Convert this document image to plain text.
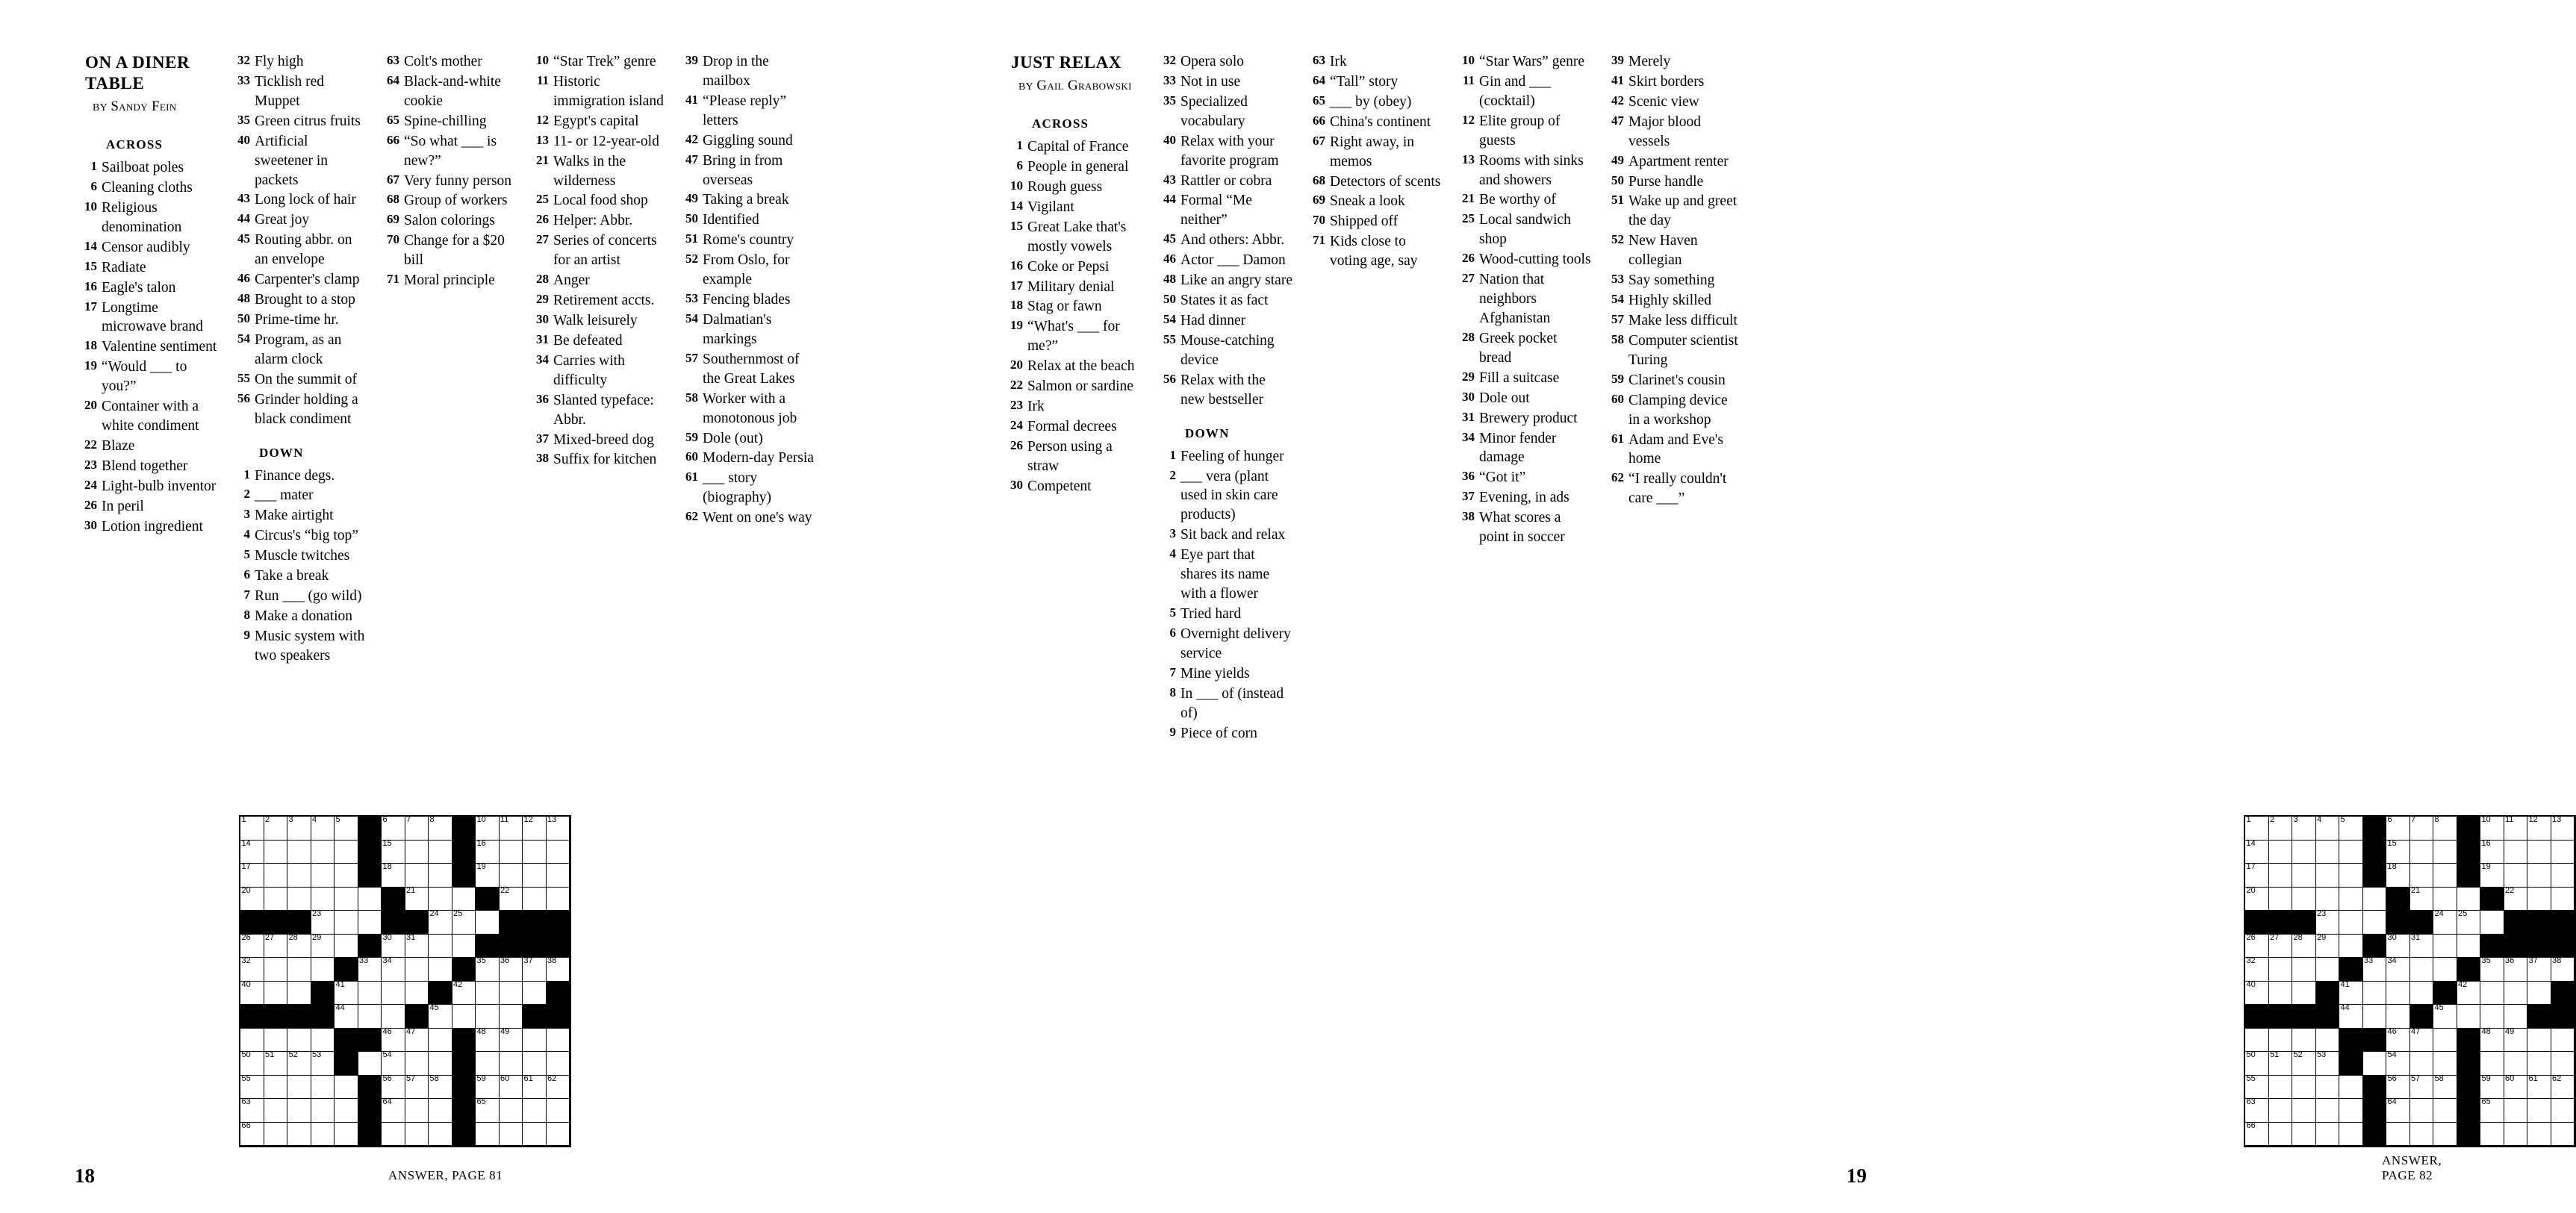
ON A DINER TABLE
BY Sandy Fein
ACROSS
1 Sailboat poles
6 Cleaning cloths
10 Religious denomination
14 Censor audibly
15 Radiate
16 Eagle's talon
17 Longtime microwave brand
18 Valentine sentiment
19 “Would ___ to you?”
20 Container with a white condiment
22 Blaze
23 Blend together
24 Light-bulb inventor
26 In peril
30 Lotion ingredient
32 Fly high
33 Ticklish red Muppet
35 Green citrus fruits
40 Artificial sweetener in packets
43 Long lock of hair
44 Great joy
45 Routing abbr. on an envelope
46 Carpenter's clamp
48 Brought to a stop
50 Prime-time hr.
54 Program, as an alarm clock
55 On the summit of
56 Grinder holding a black condiment
DOWN
1 Finance degs.
2 ___ mater
3 Make airtight
4 Circus's “big top”
5 Muscle twitches
6 Take a break
7 Run ___ (go wild)
8 Make a donation
9 Music system with two speakers
63 Colt's mother
64 Black-and-white cookie
65 Spine-chilling
66 “So what ___ is new?”
67 Very funny person
68 Group of workers
69 Salon colorings
70 Change for a $20 bill
71 Moral principle
10 “Star Trek” genre
11 Historic immigration island
12 Egypt's capital
13 11- or 12-year-old
21 Walks in the wilderness
25 Local food shop
26 Helper: Abbr.
27 Series of concerts for an artist
28 Anger
29 Retirement accts.
30 Walk leisurely
31 Be defeated
34 Carries with difficulty
36 Slanted typeface: Abbr.
37 Mixed-breed dog
38 Suffix for kitchen
39 Drop in the mailbox
41 “Please reply” letters
42 Giggling sound
47 Bring in from overseas
49 Taking a break
50 Identified
51 Rome's country
52 From Oslo, for example
53 Fencing blades
54 Dalmatian's markings
57 Southernmost of the Great Lakes
58 Worker with a monotonous job
59 Dole (out)
60 Modern-day Persia
61 ___ story (biography)
62 Went on one's way
1 2 3 4 5	6 7 8	10 11 12 13
14	15	16
17	18	19
20	21	22
23	24 25
26 27 28 29	30 31
32	33 34	35 36 37 38
40	41	42
44	45
46 47	48 49
50 51 52 53	54
55	56 57 58	59 60 61 62
63	64	65
66
18	ANSWER, PAGE 81
JUST RELAX
BY Gail Grabowski
ACROSS
1 Capital of France
6 People in general
10 Rough guess
14 Vigilant
15 Great Lake that's mostly vowels
16 Coke or Pepsi
17 Military denial
18 Stag or fawn
19 “What's ___ for me?”
20 Relax at the beach
22 Salmon or sardine
23 Irk
24 Formal decrees
26 Person using a straw
30 Competent
32 Opera solo
33 Not in use
35 Specialized vocabulary
40 Relax with your favorite program
43 Rattler or cobra
44 Formal “Me neither”
45 And others: Abbr.
46 Actor ___ Damon
48 Like an angry stare
50 States it as fact
54 Had dinner
55 Mouse-catching device
56 Relax with the new bestseller
DOWN
1 Feeling of hunger
2 ___ vera (plant used in skin care products)
3 Sit back and relax
4 Eye part that shares its name with a flower
5 Tried hard
6 Overnight delivery service
7 Mine yields
8 In ___ of (instead of)
9 Piece of corn
63 Irk
64 “Tall” story
65 ___ by (obey)
66 China's continent
67 Right away, in memos
68 Detectors of scents
69 Sneak a look
70 Shipped off
71 Kids close to voting age, say
10 “Star Wars” genre
11 Gin and ___ (cocktail)
12 Elite group of guests
13 Rooms with sinks and showers
21 Be worthy of
25 Local sandwich shop
26 Wood-cutting tools
27 Nation that neighbors Afghanistan
28 Greek pocket bread
29 Fill a suitcase
30 Dole out
31 Brewery product
34 Minor fender damage
36 “Got it”
37 Evening, in ads
38 What scores a point in soccer
39 Merely
41 Skirt borders
42 Scenic view
47 Major blood vessels
49 Apartment renter
50 Purse handle
51 Wake up and greet the day
52 New Haven collegian
53 Say something
54 Highly skilled
57 Make less difficult
58 Computer scientist Turing
59 Clarinet's cousin
60 Clamping device in a workshop
61 Adam and Eve's home
62 “I really couldn't care ___”
1 2 3 4 5	6 7 8	10 11 12 13
14	15	16
17	18	19
20	21	22
23	24 25
26 27 28 29	30 31
32	33 34	35 36 37 38
40	41	42
44	45
46 47	48 49
50 51 52 53	54
55	56 57 58	59 60 61 62
63	64	65
66
19
ANSWER, PAGE 82
